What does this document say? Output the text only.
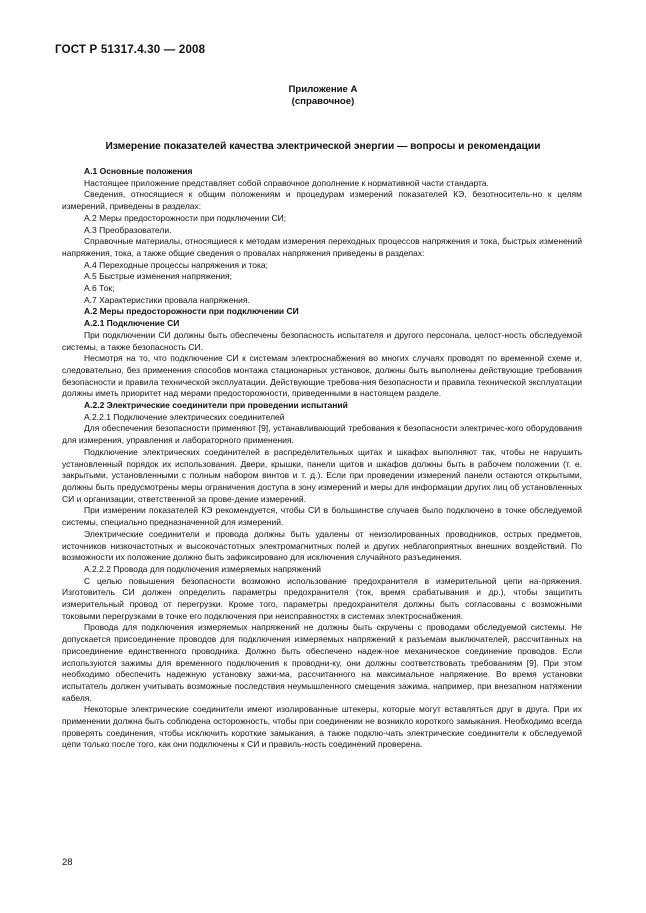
ГОСТ Р 51317.4.30 — 2008
Приложение А
(справочное)
Измерение показателей качества электрической энергии — вопросы и рекомендации

А.1 Основные положения

Настоящее приложение представляет собой справочное дополнение к нормативной части стандарта.

Сведения, относящиеся к общим положениям и процедурам измерений показателей КЭ, безотноситель-но к целям измерений, приведены в разделах:

А.2 Меры предосторожности при подключении СИ;

А.3 Преобразователи.

Справочные материалы, относящиеся к методам измерения переходных процессов напряжения и тока, быстрых изменений напряжения, тока, а также общие сведения о провалах напряжения приведены в разделах:

А.4 Переходные процессы напряжения и тока;

А.5 Быстрые изменения напряжения;

А.6 Ток;

А.7 Характеристики провала напряжения.

А.2 Меры предосторожности при подключении СИ

А.2.1 Подключение СИ

При подключении СИ должны быть обеспечены безопасность испытателя и другого персонала, целост-ность обследуемой системы, а также безопасность СИ.

Несмотря на то, что подключение СИ к системам электроснабжения во многих случаях проводят по временной схеме и, следовательно, без применения способов монтажа стационарных установок, должны быть выполнены действующие требования безопасности и правила технической эксплуатации. Действующие требова-ния безопасности и правила технической эксплуатации должны иметь приоритет над мерами предосторожности, приведенными в настоящем разделе.

А.2.2 Электрические соединители при проведении испытаний

А.2.2.1 Подключение электрических соединителей

Для обеспечения безопасности применяют [9], устанавливающий требования к безопасности электричес-кого оборудования для измерения, управления и лабораторного применения.

Подключение электрических соединителей в распределительных щитах и шкафах выполняют так, чтобы не нарушить установленный порядок их использования. Двери, крышки, панели щитов и шкафов должны быть в рабочем положении (т. е. закрытыми, установленными с полным набором винтов и т. д.). Если при проведении измерений панели остаются открытыми, должны быть предусмотрены меры ограничения доступа в зону измерений и меры для информации других лиц об установленных СИ и организации, ответственной за прове-дение измерений.

При измерении показателей КЭ рекомендуется, чтобы СИ в большинстве случаев было подключено в точке обследуемой системы, специально предназначенной для измерений.

Электрические соединители и провода должны быть удалены от неизолированных проводников, острых предметов, источников низкочастотных и высокочастотных электромагнитных полей и других неблагоприятных внешних воздействий. По возможности их положение должно быть зафиксировано для исключения случайного разъединения.

А.2.2.2 Провода для подключения измеряемых напряжений

С целью повышения безопасности возможно использование предохранителя в измерительной цепи на-пряжения. Изготовитель СИ должен определить параметры предохранителя (ток, время срабатывания и др.), чтобы защитить измерительный провод от перегрузки. Кроме того, параметры предохранителя должны быть согласованы с возможными токовыми перегрузками в точке его подключения при неисправностях в системах электроснабжения.

Провода для подключения измеряемых напряжений не должны быть скручены с проводами обследуемой системы. Не допускается присоединение проводов для подключения измеряемых напряжений к разъемам выключателей, рассчитанных на присоединение единственного проводника. Должно быть обеспечено надеж-ное механическое соединение проводов. Если используются зажимы для временного подключения к проводни-ку, они должны соответствовать требованиям [9]. При этом необходимо обеспечить надежную установку зажи-ма, рассчитанного на максимальное напряжение. Во время установки испытатель должен учитывать возможные последствия неумышленного смещения зажима, например, при внезапном натяжении кабеля.

Некоторые электрические соединители имеют изолированные штекеры, которые могут вставляться друг в друга. При их применении должна быть соблюдена осторожность, чтобы при соединении не возникло короткого замыкания. Необходимо всегда проверять соединения, чтобы исключить короткие замыкания, а также подклю-чать электрические соединители к обследуемой цепи только после того, как они подключены к СИ и правиль-ность соединений проверена.

28
